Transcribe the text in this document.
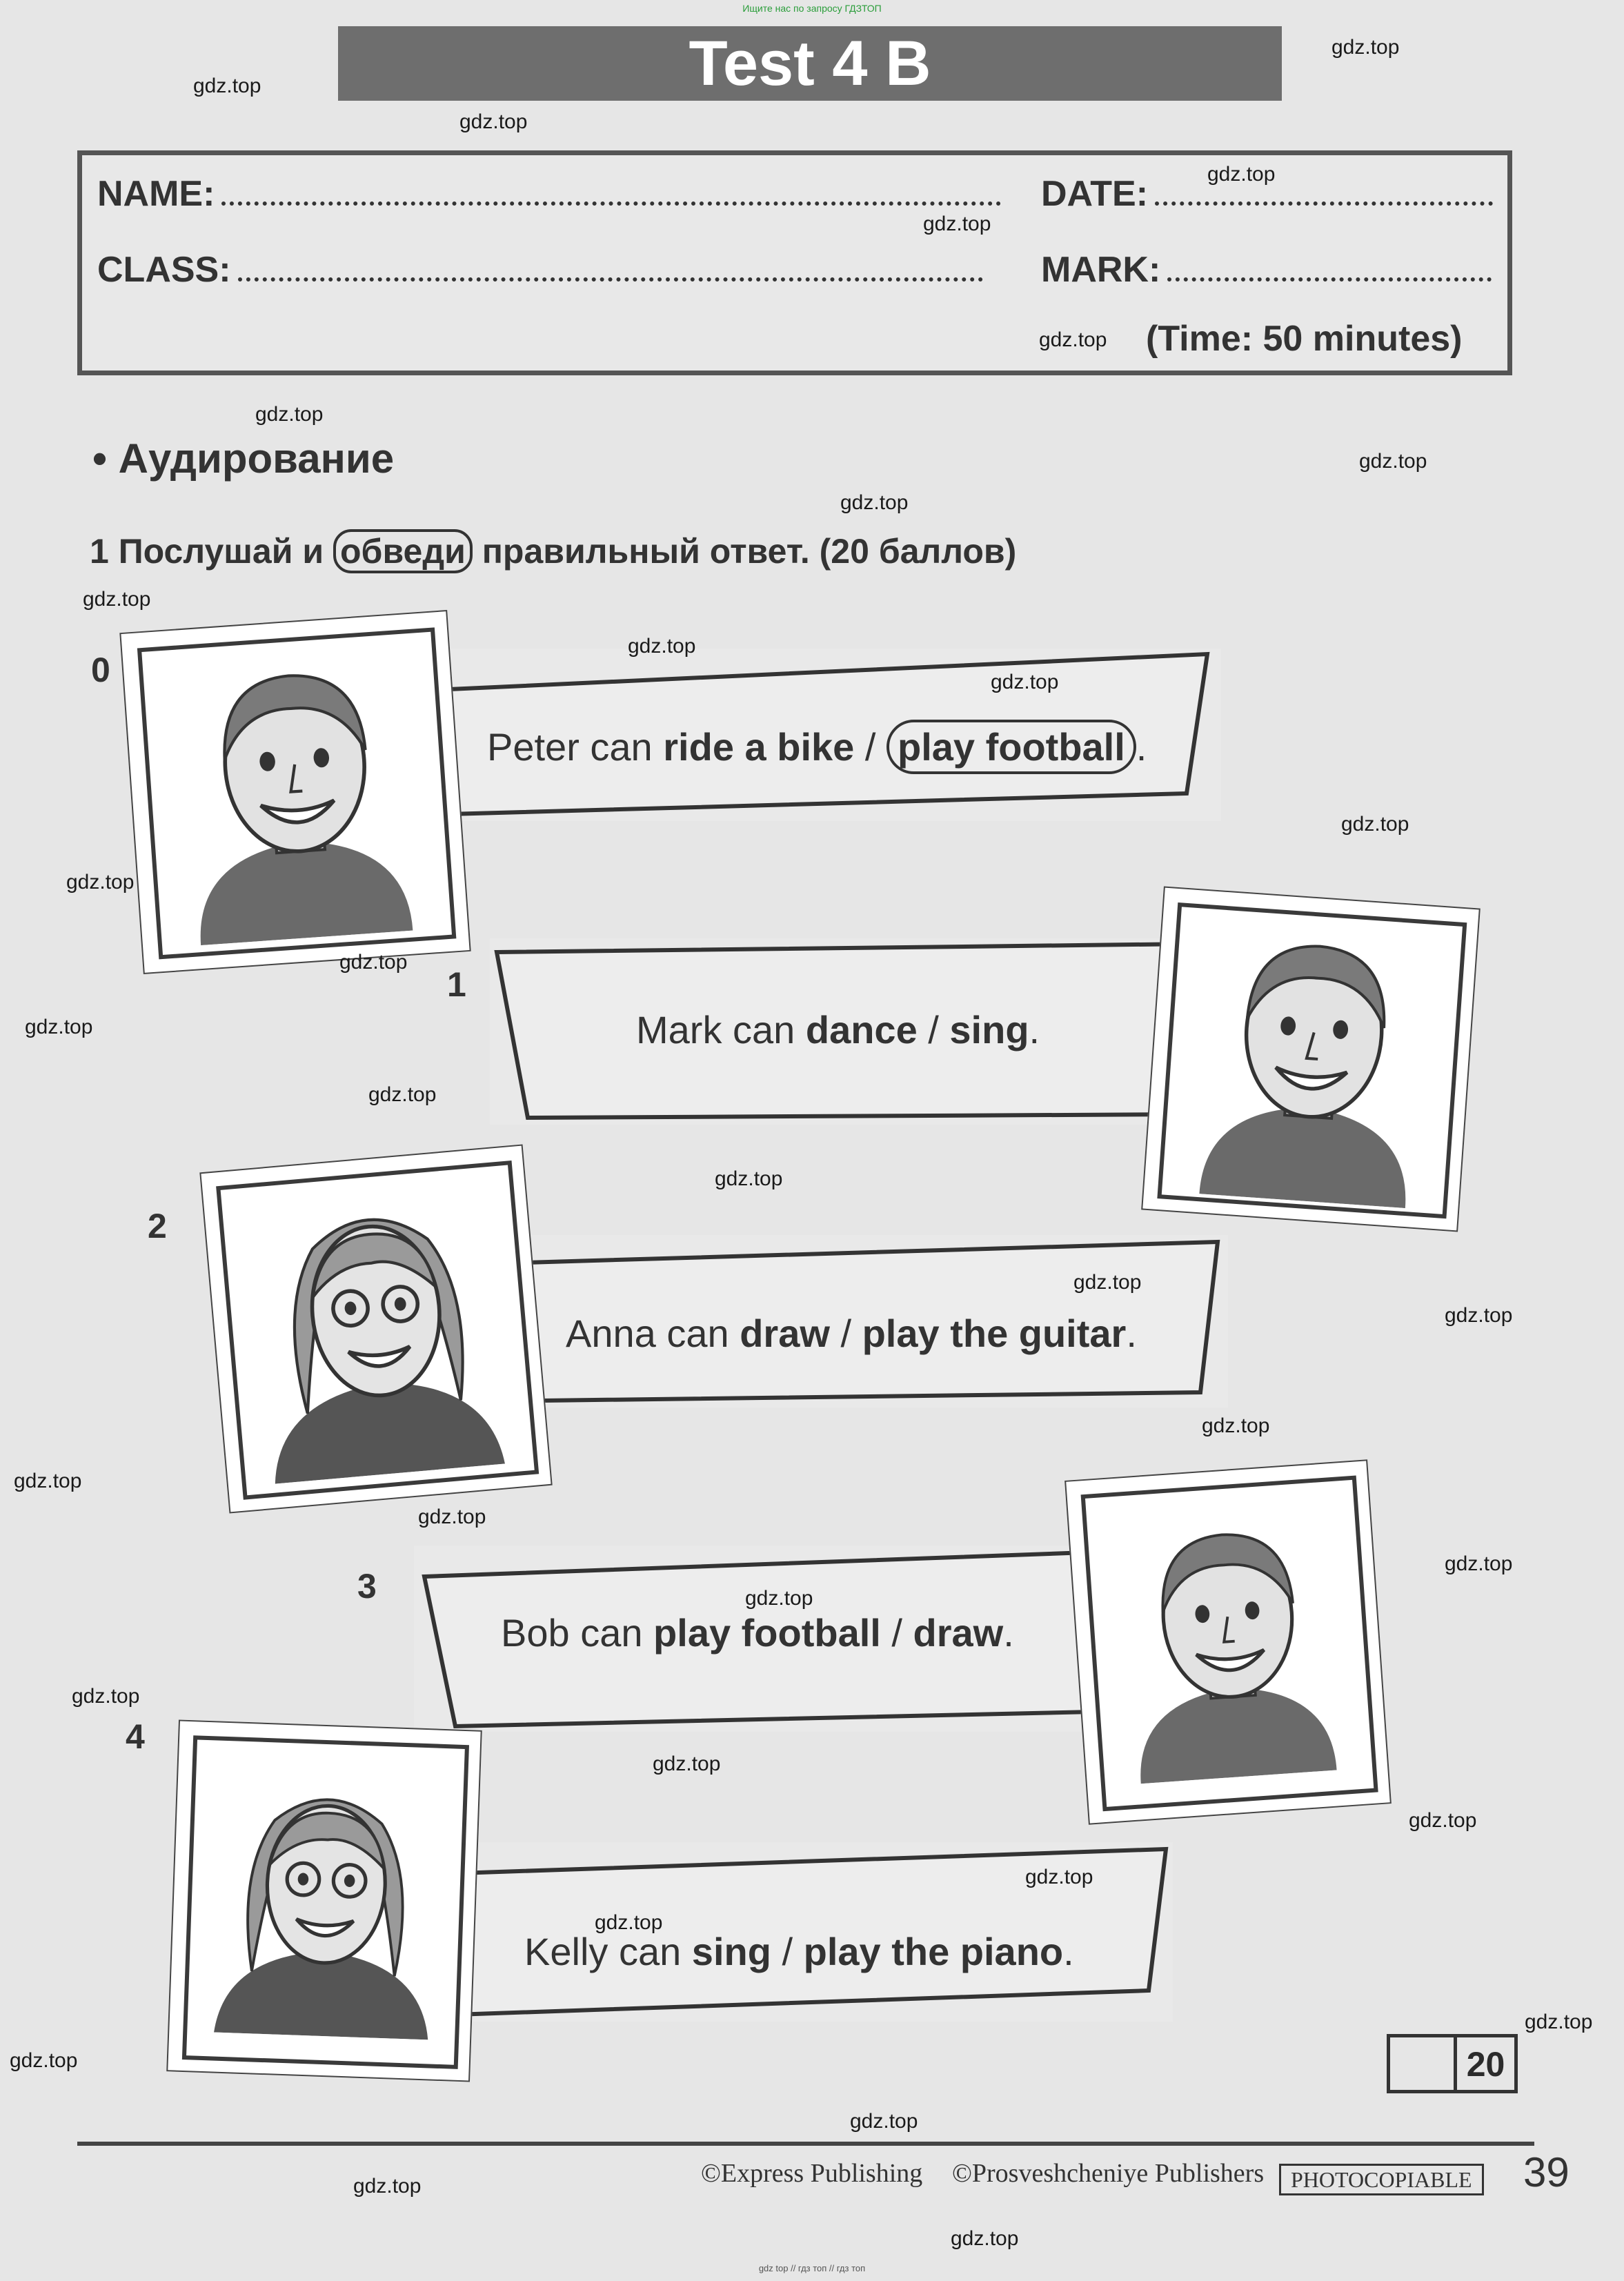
Ищите нас по запросу ГДЗТОП
Test 4 B
NAME:	DATE:
CLASS:	MARK:
(Time: 50 minutes)
• Аудирование
1 Послушай и обведи правильный ответ. (20 баллов)
Peter can ride a bike / play football .
0
Mark can dance / sing.
1
Anna can draw / play the guitar.
2
Bob can play football / draw.
3
Kelly can sing / play the piano.
4
20
©Express Publishing ©Prosveshcheniye Publishers	PHOTOCOPIABLE 39
gdz.top
gdz.top
gdz.top
gdz.top
gdz.top
gdz.top
gdz.top
gdz.top
gdz.top
gdz.top
gdz.top
gdz.top
gdz.top
gdz.top
gdz.top
gdz.top
gdz.top
gdz.top
gdz.top
gdz.top
gdz.top
gdz.top
gdz.top
gdz.top
gdz.top
gdz.top
gdz.top
gdz.top
gdz.top
gdz.top
gdz.top
gdz.top
gdz.top
gdz.top
gdz.top
gdz top // гдз топ // гдз топ
